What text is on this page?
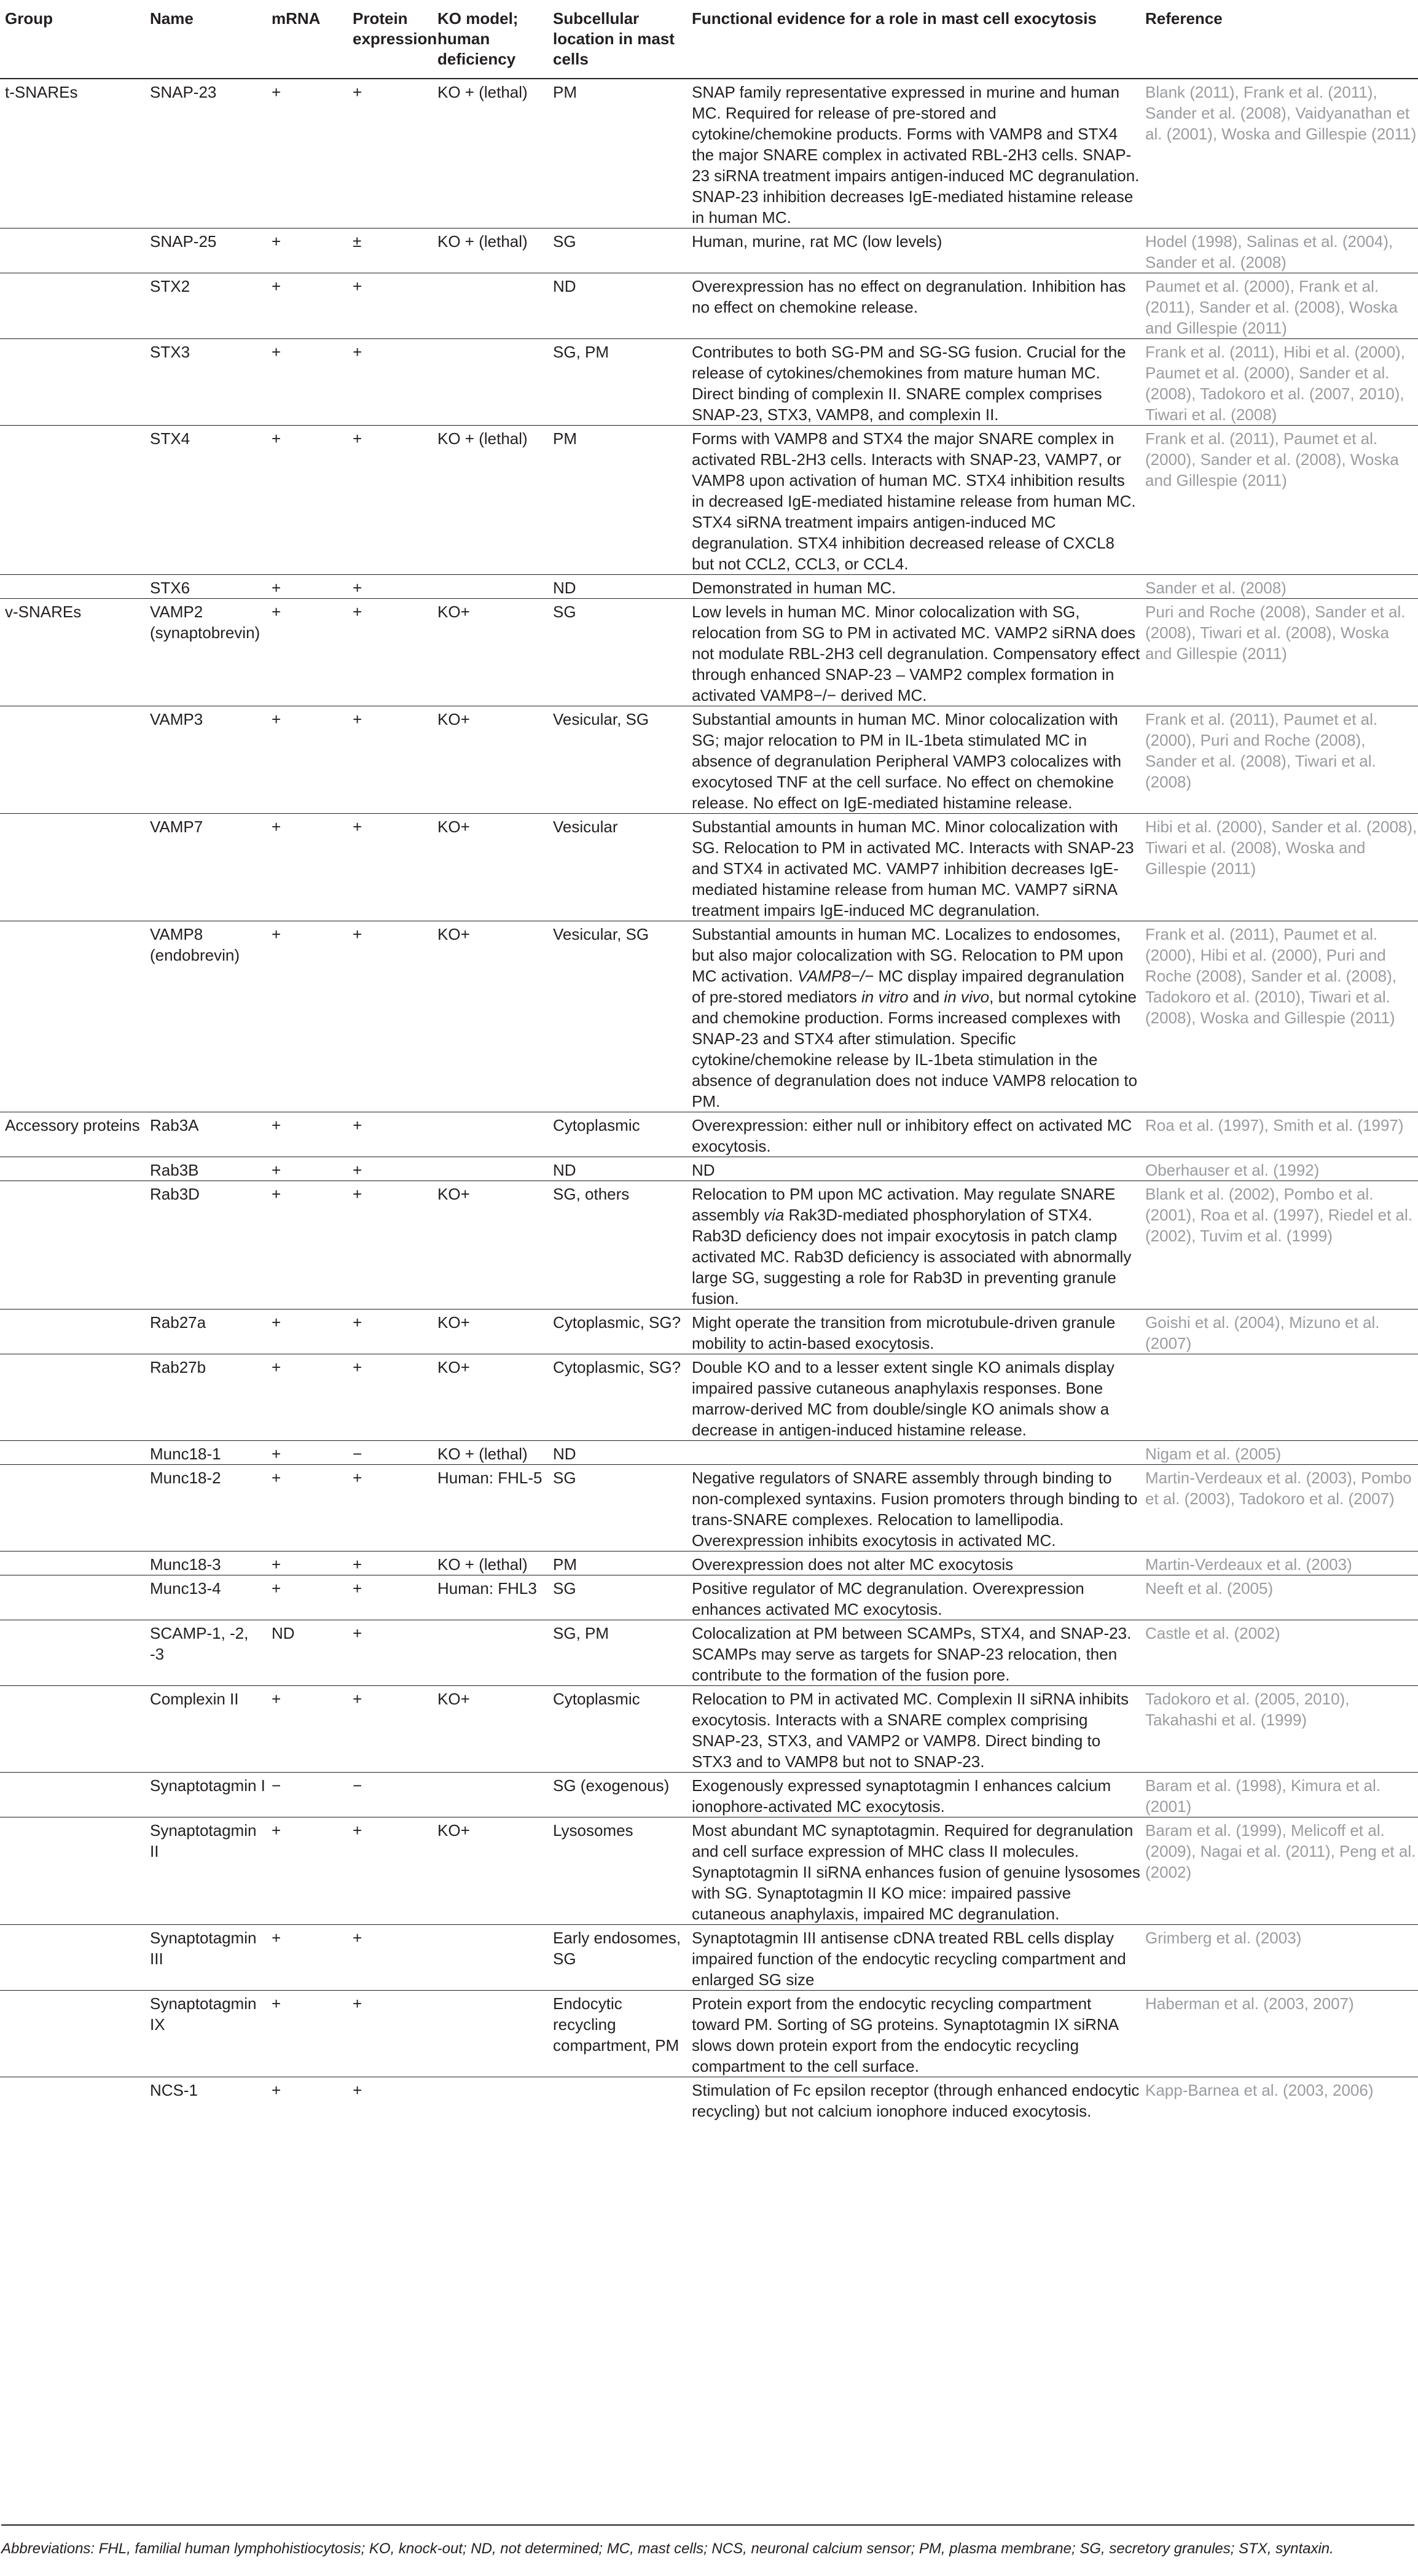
Group	Name	mRNA	Protein expression	KO model; human deficiency	Subcellular location in mast cells	Functional evidence for a role in mast cell exocytosis	Reference
t-SNAREs	SNAP-23	+	+	KO + (lethal)	PM	SNAP family representative expressed in murine and human MC. Required for release of pre-stored and cytokine/chemokine products. Forms with VAMP8 and STX4 the major SNARE complex in activated RBL-2H3 cells. SNAP-23 siRNA treatment impairs antigen-induced MC degranulation. SNAP-23 inhibition decreases IgE-mediated histamine release in human MC.	Blank (2011), Frank et al. (2011), Sander et al. (2008), Vaidyanathan et al. (2001), Woska and Gillespie (2011)
	SNAP-25	+	±	KO + (lethal)	SG	Human, murine, rat MC (low levels)	Hodel (1998), Salinas et al. (2004), Sander et al. (2008)
	STX2	+	+		ND	Overexpression has no effect on degranulation. Inhibition has no effect on chemokine release.	Paumet et al. (2000), Frank et al. (2011), Sander et al. (2008), Woska and Gillespie (2011)
	STX3	+	+		SG, PM	Contributes to both SG-PM and SG-SG fusion. Crucial for the release of cytokines/chemokines from mature human MC. Direct binding of complexin II. SNARE complex comprises SNAP-23, STX3, VAMP8, and complexin II.	Frank et al. (2011), Hibi et al. (2000), Paumet et al. (2000), Sander et al. (2008), Tadokoro et al. (2007, 2010), Tiwari et al. (2008)
	STX4	+	+	KO + (lethal)	PM	Forms with VAMP8 and STX4 the major SNARE complex in activated RBL-2H3 cells. Interacts with SNAP-23, VAMP7, or VAMP8 upon activation of human MC. STX4 inhibition results in decreased IgE-mediated histamine release from human MC. STX4 siRNA treatment impairs antigen-induced MC degranulation. STX4 inhibition decreased release of CXCL8 but not CCL2, CCL3, or CCL4.	Frank et al. (2011), Paumet et al. (2000), Sander et al. (2008), Woska and Gillespie (2011)
	STX6	+	+		ND	Demonstrated in human MC.	Sander et al. (2008)
v-SNAREs	VAMP2 (synaptobrevin)	+	+	KO+	SG	Low levels in human MC. Minor colocalization with SG, relocation from SG to PM in activated MC. VAMP2 siRNA does not modulate RBL-2H3 cell degranulation. Compensatory effect through enhanced SNAP-23 – VAMP2 complex formation in activated VAMP8−/− derived MC.	Puri and Roche (2008), Sander et al. (2008), Tiwari et al. (2008), Woska and Gillespie (2011)
	VAMP3	+	+	KO+	Vesicular, SG	Substantial amounts in human MC. Minor colocalization with SG; major relocation to PM in IL-1beta stimulated MC in absence of degranulation Peripheral VAMP3 colocalizes with exocytosed TNF at the cell surface. No effect on chemokine release. No effect on IgE-mediated histamine release.	Frank et al. (2011), Paumet et al. (2000), Puri and Roche (2008), Sander et al. (2008), Tiwari et al. (2008)
	VAMP7	+	+	KO+	Vesicular	Substantial amounts in human MC. Minor colocalization with SG. Relocation to PM in activated MC. Interacts with SNAP-23 and STX4 in activated MC. VAMP7 inhibition decreases IgE-mediated histamine release from human MC. VAMP7 siRNA treatment impairs IgE-induced MC degranulation.	Hibi et al. (2000), Sander et al. (2008), Tiwari et al. (2008), Woska and Gillespie (2011)
	VAMP8 (endobrevin)	+	+	KO+	Vesicular, SG	Substantial amounts in human MC. Localizes to endosomes, but also major colocalization with SG. Relocation to PM upon MC activation. VAMP8−/− MC display impaired degranulation of pre-stored mediators in vitro and in vivo, but normal cytokine and chemokine production. Forms increased complexes with SNAP-23 and STX4 after stimulation. Specific cytokine/chemokine release by IL-1beta stimulation in the absence of degranulation does not induce VAMP8 relocation to PM.	Frank et al. (2011), Paumet et al. (2000), Hibi et al. (2000), Puri and Roche (2008), Sander et al. (2008), Tadokoro et al. (2010), Tiwari et al. (2008), Woska and Gillespie (2011)
Accessory proteins	Rab3A	+	+		Cytoplasmic	Overexpression: either null or inhibitory effect on activated MC exocytosis.	Roa et al. (1997), Smith et al. (1997)
	Rab3B	+	+		ND	ND	Oberhauser et al. (1992)
	Rab3D	+	+	KO+	SG, others	Relocation to PM upon MC activation. May regulate SNARE assembly via Rak3D-mediated phosphorylation of STX4. Rab3D deficiency does not impair exocytosis in patch clamp activated MC. Rab3D deficiency is associated with abnormally large SG, suggesting a role for Rab3D in preventing granule fusion.	Blank et al. (2002), Pombo et al. (2001), Roa et al. (1997), Riedel et al. (2002), Tuvim et al. (1999)
	Rab27a	+	+	KO+	Cytoplasmic, SG?	Might operate the transition from microtubule-driven granule mobility to actin-based exocytosis.	Goishi et al. (2004), Mizuno et al. (2007)
	Rab27b	+	+	KO+	Cytoplasmic, SG?	Double KO and to a lesser extent single KO animals display impaired passive cutaneous anaphylaxis responses. Bone marrow-derived MC from double/single KO animals show a decrease in antigen-induced histamine release.	
	Munc18-1	+	−	KO + (lethal)	ND		Nigam et al. (2005)
	Munc18-2	+	+	Human: FHL-5	SG	Negative regulators of SNARE assembly through binding to non-complexed syntaxins. Fusion promoters through binding to trans-SNARE complexes. Relocation to lamellipodia. Overexpression inhibits exocytosis in activated MC.	Martin-Verdeaux et al. (2003), Pombo et al. (2003), Tadokoro et al. (2007)
	Munc18-3	+	+	KO + (lethal)	PM	Overexpression does not alter MC exocytosis	Martin-Verdeaux et al. (2003)
	Munc13-4	+	+	Human: FHL3	SG	Positive regulator of MC degranulation. Overexpression enhances activated MC exocytosis.	Neeft et al. (2005)
	SCAMP-1, -2, -3	ND	+		SG, PM	Colocalization at PM between SCAMPs, STX4, and SNAP-23. SCAMPs may serve as targets for SNAP-23 relocation, then contribute to the formation of the fusion pore.	Castle et al. (2002)
	Complexin II	+	+	KO+	Cytoplasmic	Relocation to PM in activated MC. Complexin II siRNA inhibits exocytosis. Interacts with a SNARE complex comprising SNAP-23, STX3, and VAMP2 or VAMP8. Direct binding to STX3 and to VAMP8 but not to SNAP-23.	Tadokoro et al. (2005, 2010), Takahashi et al. (1999)
	Synaptotagmin I	−	−		SG (exogenous)	Exogenously expressed synaptotagmin I enhances calcium ionophore-activated MC exocytosis.	Baram et al. (1998), Kimura et al. (2001)
	Synaptotagmin II	+	+	KO+	Lysosomes	Most abundant MC synaptotagmin. Required for degranulation and cell surface expression of MHC class II molecules. Synaptotagmin II siRNA enhances fusion of genuine lysosomes with SG. Synaptotagmin II KO mice: impaired passive cutaneous anaphylaxis, impaired MC degranulation.	Baram et al. (1999), Melicoff et al. (2009), Nagai et al. (2011), Peng et al. (2002)
	Synaptotagmin III	+	+		Early endosomes, SG	Synaptotagmin III antisense cDNA treated RBL cells display impaired function of the endocytic recycling compartment and enlarged SG size	Grimberg et al. (2003)
	Synaptotagmin IX	+	+		Endocytic recycling compartment, PM	Protein export from the endocytic recycling compartment toward PM. Sorting of SG proteins. Synaptotagmin IX siRNA slows down protein export from the endocytic recycling compartment to the cell surface.	Haberman et al. (2003, 2007)
	NCS-1	+	+			Stimulation of Fc epsilon receptor (through enhanced endocytic recycling) but not calcium ionophore induced exocytosis.	Kapp-Barnea et al. (2003, 2006)
Abbreviations: FHL, familial human lymphohistiocytosis; KO, knock-out; ND, not determined; MC, mast cells; NCS, neuronal calcium sensor; PM, plasma membrane; SG, secretory granules; STX, syntaxin.
